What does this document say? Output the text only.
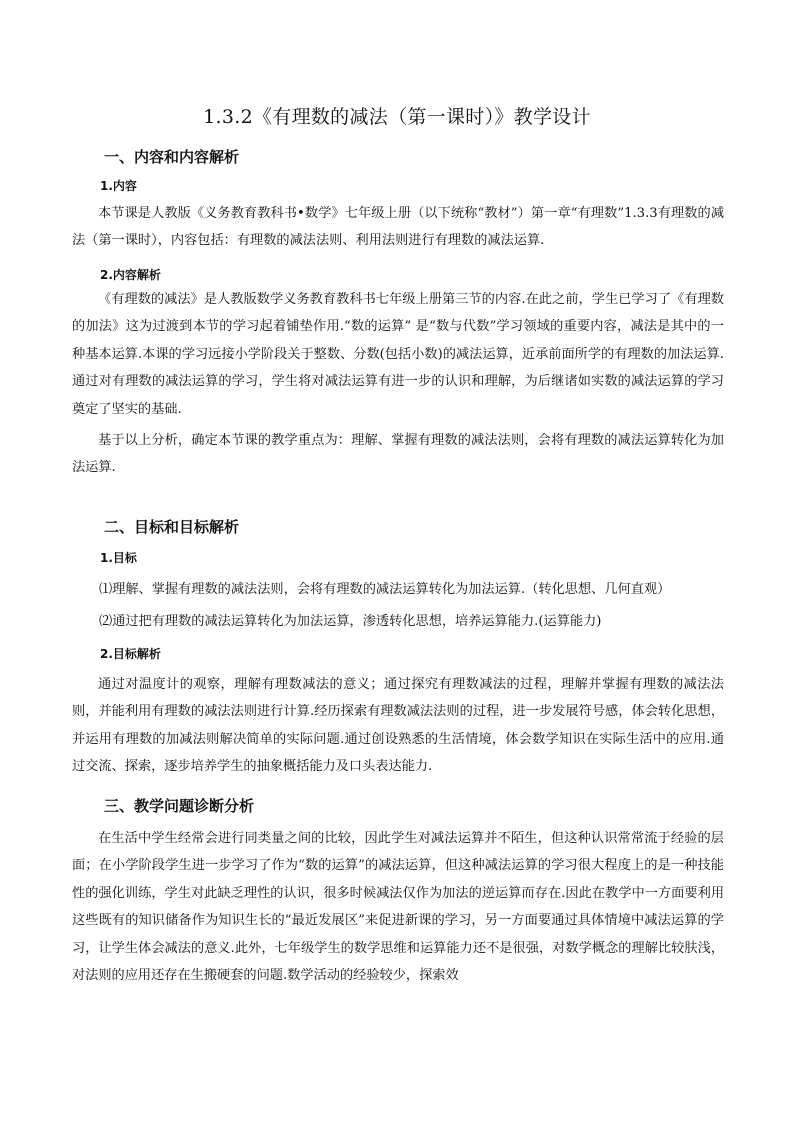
1.3.2《有理数的减法（第一课时）》教学设计
一、内容和内容解析
1.内容

本节课是人教版《义务教育教科书•数学》七年级上册（以下统称“教材”）第一章“有理数”1.3.3有理数的减法（第一课时），内容包括：有理数的减法法则、利用法则进行有理数的减法运算.

2.内容解析

《有理数的减法》是人教版数学义务教育教科书七年级上册第三节的内容.在此之前，学生已学习了《有理数的加法》这为过渡到本节的学习起着铺垫作用.“数的运算” 是“数与代数”学习领域的重要内容，减法是其中的一种基本运算.本课的学习远接小学阶段关于整数、分数(包括小数)的减法运算，近承前面所学的有理数的加法运算.通过对有理数的减法运算的学习，学生将对减法运算有进一步的认识和理解，为后继诸如实数的减法运算的学习奠定了坚实的基础.

基于以上分析，确定本节课的教学重点为：理解、掌握有理数的减法法则，会将有理数的减法运算转化为加法运算.

二、目标和目标解析
1.目标
⑴理解、掌握有理数的减法法则，会将有理数的减法运算转化为加法运算.（转化思想、几何直观）
⑵通过把有理数的减法运算转化为加法运算，渗透转化思想，培养运算能力.(运算能力)
2.目标解析

通过对温度计的观察，理解有理数减法的意义；通过探究有理数减法的过程，理解并掌握有理数的减法法则，并能利用有理数的减法法则进行计算.经历探索有理数减法法则的过程，进一步发展符号感，体会转化思想，并运用有理数的加减法则解决简单的实际问题.通过创设熟悉的生活情境，体会数学知识在实际生活中的应用.通过交流、探索，逐步培养学生的抽象概括能力及口头表达能力.

三、教学问题诊断分析

在生活中学生经常会进行同类量之间的比较，因此学生对减法运算并不陌生，但这种认识常常流于经验的层面；在小学阶段学生进一步学习了作为“数的运算”的减法运算，但这种减法运算的学习很大程度上的是一种技能性的强化训练，学生对此缺乏理性的认识，很多时候减法仅作为加法的逆运算而存在.因此在教学中一方面要利用这些既有的知识储备作为知识生长的“最近发展区”来促进新课的学习，另一方面要通过具体情境中减法运算的学习，让学生体会减法的意义.此外，七年级学生的数学思维和运算能力还不是很强，对数学概念的理解比较肤浅，对法则的应用还存在生搬硬套的问题.数学活动的经验较少，探索效
